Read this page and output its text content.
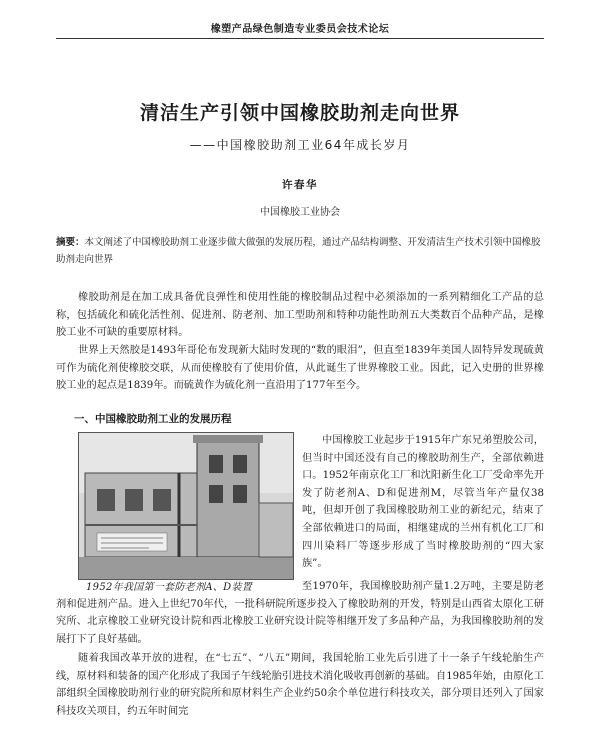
橡塑产品绿色制造专业委员会技术论坛
清洁生产引领中国橡胶助剂走向世界
——中国橡胶助剂工业64年成长岁月
许春华
中国橡胶工业协会
摘要：本文阐述了中国橡胶助剂工业逐步做大做强的发展历程，通过产品结构调整、开发清洁生产技术引领中国橡胶助剂走向世界
橡胶助剂是在加工成具备优良弹性和使用性能的橡胶制品过程中必须添加的一系列精细化工产品的总称，包括硫化和硫化活性剂、促进剂、防老剂、加工型助剂和特种功能性助剂五大类数百个品种产品，是橡胶工业不可缺的重要原材料。
世界上天然胶是1493年哥伦布发现新大陆时发现的“数的眼泪”，但直至1839年美国人固特异发现硫黄可作为硫化剂使橡胶交联，从而使橡胶有了使用价值，从此诞生了世界橡胶工业。因此，记入史册的世界橡胶工业的起点是1839年。而硫黄作为硫化剂一直沿用了177年至今。
一、中国橡胶助剂工业的发展历程
1952年我国第一套防老剂A、D装置
中国橡胶工业起步于1915年广东兄弟塑胶公司，但当时中国还没有自己的橡胶助剂生产，全部依赖进口。1952年南京化工厂和沈阳新生化工厂受命率先开发了防老剂A、D和促进剂M，尽管当年产量仅38吨，但却开创了我国橡胶助剂工业的新纪元，结束了全部依赖进口的局面，相继建成的兰州有机化工厂和四川染料厂等逐步形成了当时橡胶助剂的“四大家族”。
至1970年，我国橡胶助剂产量1.2万吨，主要是防老剂和促进剂产品。进入上世纪70年代，一批科研院所逐步投入了橡胶助剂的开发，特别是山西省太原化工研究所、北京橡胶工业研究设计院和西北橡胶工业研究设计院等相继开发了多品种产品，为我国橡胶助剂的发展打下了良好基础。
随着我国改革开放的进程，在“七五”、“八五”期间，我国轮胎工业先后引进了十一条子午线轮胎生产线，原材料和装备的国产化形成了我国子午线轮胎引进技术消化吸收再创新的基础。自1985年始，由原化工部组织全国橡胶助剂行业的研究院所和原材料生产企业约50余个单位进行科技攻关，部分项目还列入了国家科技攻关项目，约五年时间完
